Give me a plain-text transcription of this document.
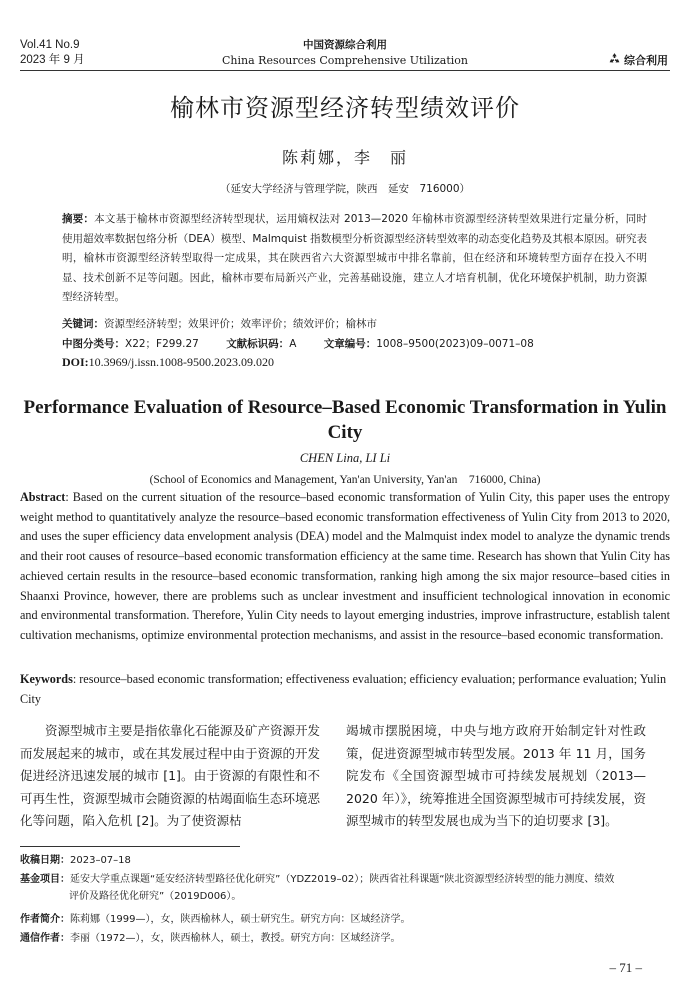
Vol.41 No.9
2023 年 9 月
中国资源综合利用
China Resources Comprehensive Utilization	综合利用
榆林市资源型经济转型绩效评价
陈莉娜，李　丽
（延安大学经济与管理学院，陕西　延安　716000）
摘要：本文基于榆林市资源型经济转型现状，运用熵权法对 2013—2020 年榆林市资源型经济转型效果进行定量分析，同时使用超效率数据包络分析（DEA）模型、Malmquist 指数模型分析资源型经济转型效率的动态变化趋势及其根本原因。研究表明，榆林市资源型经济转型取得一定成果，其在陕西省六大资源型城市中排名靠前，但在经济和环境转型方面存在投入不明显、技术创新不足等问题。因此，榆林市要布局新兴产业，完善基础设施，建立人才培育机制，优化环境保护机制，助力资源型经济转型。
关键词：资源型经济转型；效果评价；效率评价；绩效评价；榆林市
中图分类号：X22；F299.27	文献标识码：A	文章编号：1008–9500(2023)09–0071–08
DOI:10.3969/j.issn.1008-9500.2023.09.020
Performance Evaluation of Resource–Based Economic Transformation in Yulin City
CHEN Lina, LI Li
(School of Economics and Management, Yan'an University, Yan'an　716000, China)
Abstract: Based on the current situation of the resource–based economic transformation of Yulin City, this paper uses the entropy weight method to quantitatively analyze the resource–based economic transformation effectiveness of Yulin City from 2013 to 2020, and uses the super efficiency data envelopment analysis (DEA) model and the Malmquist index model to analyze the dynamic trends and their root causes of resource–based economic transformation efficiency at the same time. Research has shown that Yulin City has achieved certain results in the resource–based economic transformation, ranking high among the six major resource–based cities in Shaanxi Province, however, there are problems such as unclear investment and insufficient technological innovation in economic and environmental transformation. Therefore, Yulin City needs to layout emerging industries, improve infrastructure, establish talent cultivation mechanisms, optimize environmental protection mechanisms, and assist in the resource–based economic transformation.
Keywords: resource–based economic transformation; effectiveness evaluation; efficiency evaluation; performance evaluation; Yulin City
资源型城市主要是指依靠化石能源及矿产资源开发而发展起来的城市，或在其发展过程中由于资源的开发促进经济迅速发展的城市 [1]。由于资源的有限性和不可再生性，资源型城市会随资源的枯竭面临生态环境恶化等问题，陷入危机 [2]。为了使资源枯
竭城市摆脱困境，中央与地方政府开始制定针对性政策，促进资源型城市转型发展。2013 年 11 月，国务院发布《全国资源型城市可持续发展规划（2013—2020 年）》，统筹推进全国资源型城市可持续发展，资源型城市的转型发展也成为当下的迫切要求 [3]。
收稿日期：2023–07–18
基金项目：延安大学重点课题“延安经济转型路径优化研究”（YDZ2019–02）；陕西省社科课题“陕北资源型经济转型的能力测度、绩效
评价及路径优化研究”（2019D006）。
作者简介：陈莉娜（1999—），女，陕西榆林人，硕士研究生。研究方向：区域经济学。
通信作者：李丽（1972—），女，陕西榆林人，硕士，教授。研究方向：区域经济学。
– 71 –
